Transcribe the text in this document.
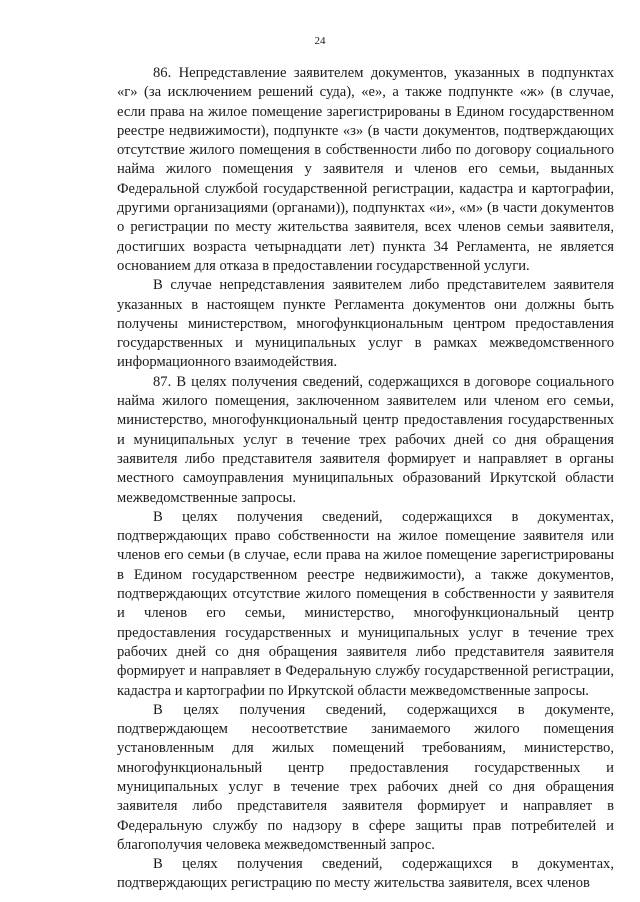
24

86. Непредставление заявителем документов, указанных в подпунктах «г» (за исключением решений суда), «е», а также подпункте «ж» (в случае, если права на жилое помещение зарегистрированы в Едином государственном реестре недвижимости), подпункте «з» (в части документов, подтверждающих отсутствие жилого помещения в собственности либо по договору социального найма жилого помещения у заявителя и членов его семьи, выданных Федеральной службой государственной регистрации, кадастра и картографии, другими организациями (органами)), подпунктах «и», «м» (в части документов о регистрации по месту жительства заявителя, всех членов семьи заявителя, достигших возраста четырнадцати лет) пункта 34 Регламента, не является основанием для отказа в предоставлении государственной услуги.

В случае непредставления заявителем либо представителем заявителя указанных в настоящем пункте Регламента документов они должны быть получены министерством, многофункциональным центром предоставления государственных и муниципальных услуг в рамках межведомственного информационного взаимодействия.

87. В целях получения сведений, содержащихся в договоре социального найма жилого помещения, заключенном заявителем или членом его семьи, министерство, многофункциональный центр предоставления государственных и муниципальных услуг в течение трех рабочих дней со дня обращения заявителя либо представителя заявителя формирует и направляет в органы местного самоуправления муниципальных образований Иркутской области межведомственные запросы.

В целях получения сведений, содержащихся в документах, подтверждающих право собственности на жилое помещение заявителя или членов его семьи (в случае, если права на жилое помещение зарегистрированы в Едином государственном реестре недвижимости), а также документов, подтверждающих отсутствие жилого помещения в собственности у заявителя и членов его семьи, министерство, многофункциональный центр предоставления государственных и муниципальных услуг в течение трех рабочих дней со дня обращения заявителя либо представителя заявителя формирует и направляет в Федеральную службу государственной регистрации, кадастра и картографии по Иркутской области межведомственные запросы.

В целях получения сведений, содержащихся в документе, подтверждающем несоответствие занимаемого жилого помещения установленным для жилых помещений требованиям, министерство, многофункциональный центр предоставления государственных и муниципальных услуг в течение трех рабочих дней со дня обращения заявителя либо представителя заявителя формирует и направляет в Федеральную службу по надзору в сфере защиты прав потребителей и благополучия человека межведомственный запрос.

В целях получения сведений, содержащихся в документах, подтверждающих регистрацию по месту жительства заявителя, всех членов
